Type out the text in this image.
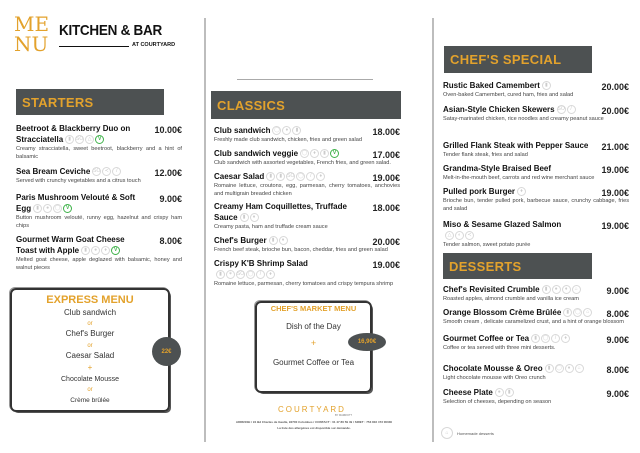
ME
NU
KITCHEN & BAR
AT COURTYARD
STARTERS	CLASSICS
CHEF'S SPECIAL
DESSERTS
Beetroot & Blackberry Duo on Stracciatella	▮	SO △	V
10.00€
Creamy stracciatella, sweet beetroot, blackberry and a hint of balsamic
Sea Bream Ceviche SO ≺	/	12.00€
Served with crunchy vegetables and a citrus touch
Paris Mushroom Velouté & Soft Egg	▮	●	◯	V
9.00€
Button mushroom velouté, runny egg, hazelnut and crispy ham chips
Gourmet Warm Goat Cheese Toast with Apple	▮	●	♦	V
8.00€
Melted goat cheese, apple deglazed with balsamic, honey and walnut pieces
Club sandwich ◯	♦	▮	18.00€
Freshly made club sandwich, chicken, fries and green salad
Club sandwich veggie ◯	♦	▮	V	17.00€
Club sandwich with assorted vegetables, French fries, and green salad.
Caesar Salad	▮	▮	SO ◯	/	♦	19.00€
Romaine lettuce, croutons, egg, parmesan, cherry tomatoes, anchovies and multigrain breaded chicken
Creamy Ham Coquillettes, Truffade Sauce	▮	♦
18.00€
Creamy pasta, ham and truffade cream sauce
Chef's Burger	▮	♦	20.00€
French beef steak, brioche bun, bacon, cheddar, fries and green salad
Crispy K'B Shrimp Salad
▮	✶ SO ◯	/	♦
19.00€
Romaine lettuce, parmesan, cherry tomatoes and crispy tempura shrimp
Rustic Baked Camembert	▮	20.00€
Oven-baked Camembert, cured ham, fries and salad
Asian-Style Chicken Skewers SO	/	20.00€
Satay-marinated chicken, rice noodles and creamy peanut sauce
Grilled Flank Steak with Pepper Sauce	21.00€
Tender flank steak, fries and salad
Grandma-Style Braised Beef	19.00€
Melt-in-the-mouth beef, carrots and red wine merchant sauce
Pulled pork Burger	♦	19.00€
Brioche bun, tender pulled pork, barbecue sauce, crunchy cabbage, fries and salad
Miso & Sesame Glazed Salmon
△	◐	≺
19.00€
Tender salmon, sweet potato purée
Chef's Revisited Crumble	▮	●	♦	⌂	9.00€
Roasted apples, almond crumble and vanilla ice cream
Orange Blossom Crème Brûlée	▮	◯	⌂	8.00€
Smooth cream , delicate caramelized crust, and a hint of orange blossom
Gourmet Coffee or Tea	▮	◯	/	♦	9.00€
Coffee or tea served with three mini desserts.
Chocolate Mousse & Oreo	▮	◯	♦	⌂	8.00€
Light chocolate mousse with Oreo crunch
Cheese Plate ●	▮	9.00€
Selection of cheeses, depending on season
EXPRESS MENU
Club sandwich
or
Chef's Burger
or
Caesar Salad
+
Chocolate Mousse
or
Crème brûlée
22€
CHEF'S MARKET MENU
Dish of the Day
+
Gourmet Coffee or Tea
16,90€
COURTYARD
BY MARRIOTT
ADRESSE / 91 Bd Charles de Gaulle, 92700 Colombes / CONTACT : 01 47 86 59 49 / SIRET : 753 816 473 00030
La liste des allergènes est disponible sur demande.
⌂	Homemade desserts
